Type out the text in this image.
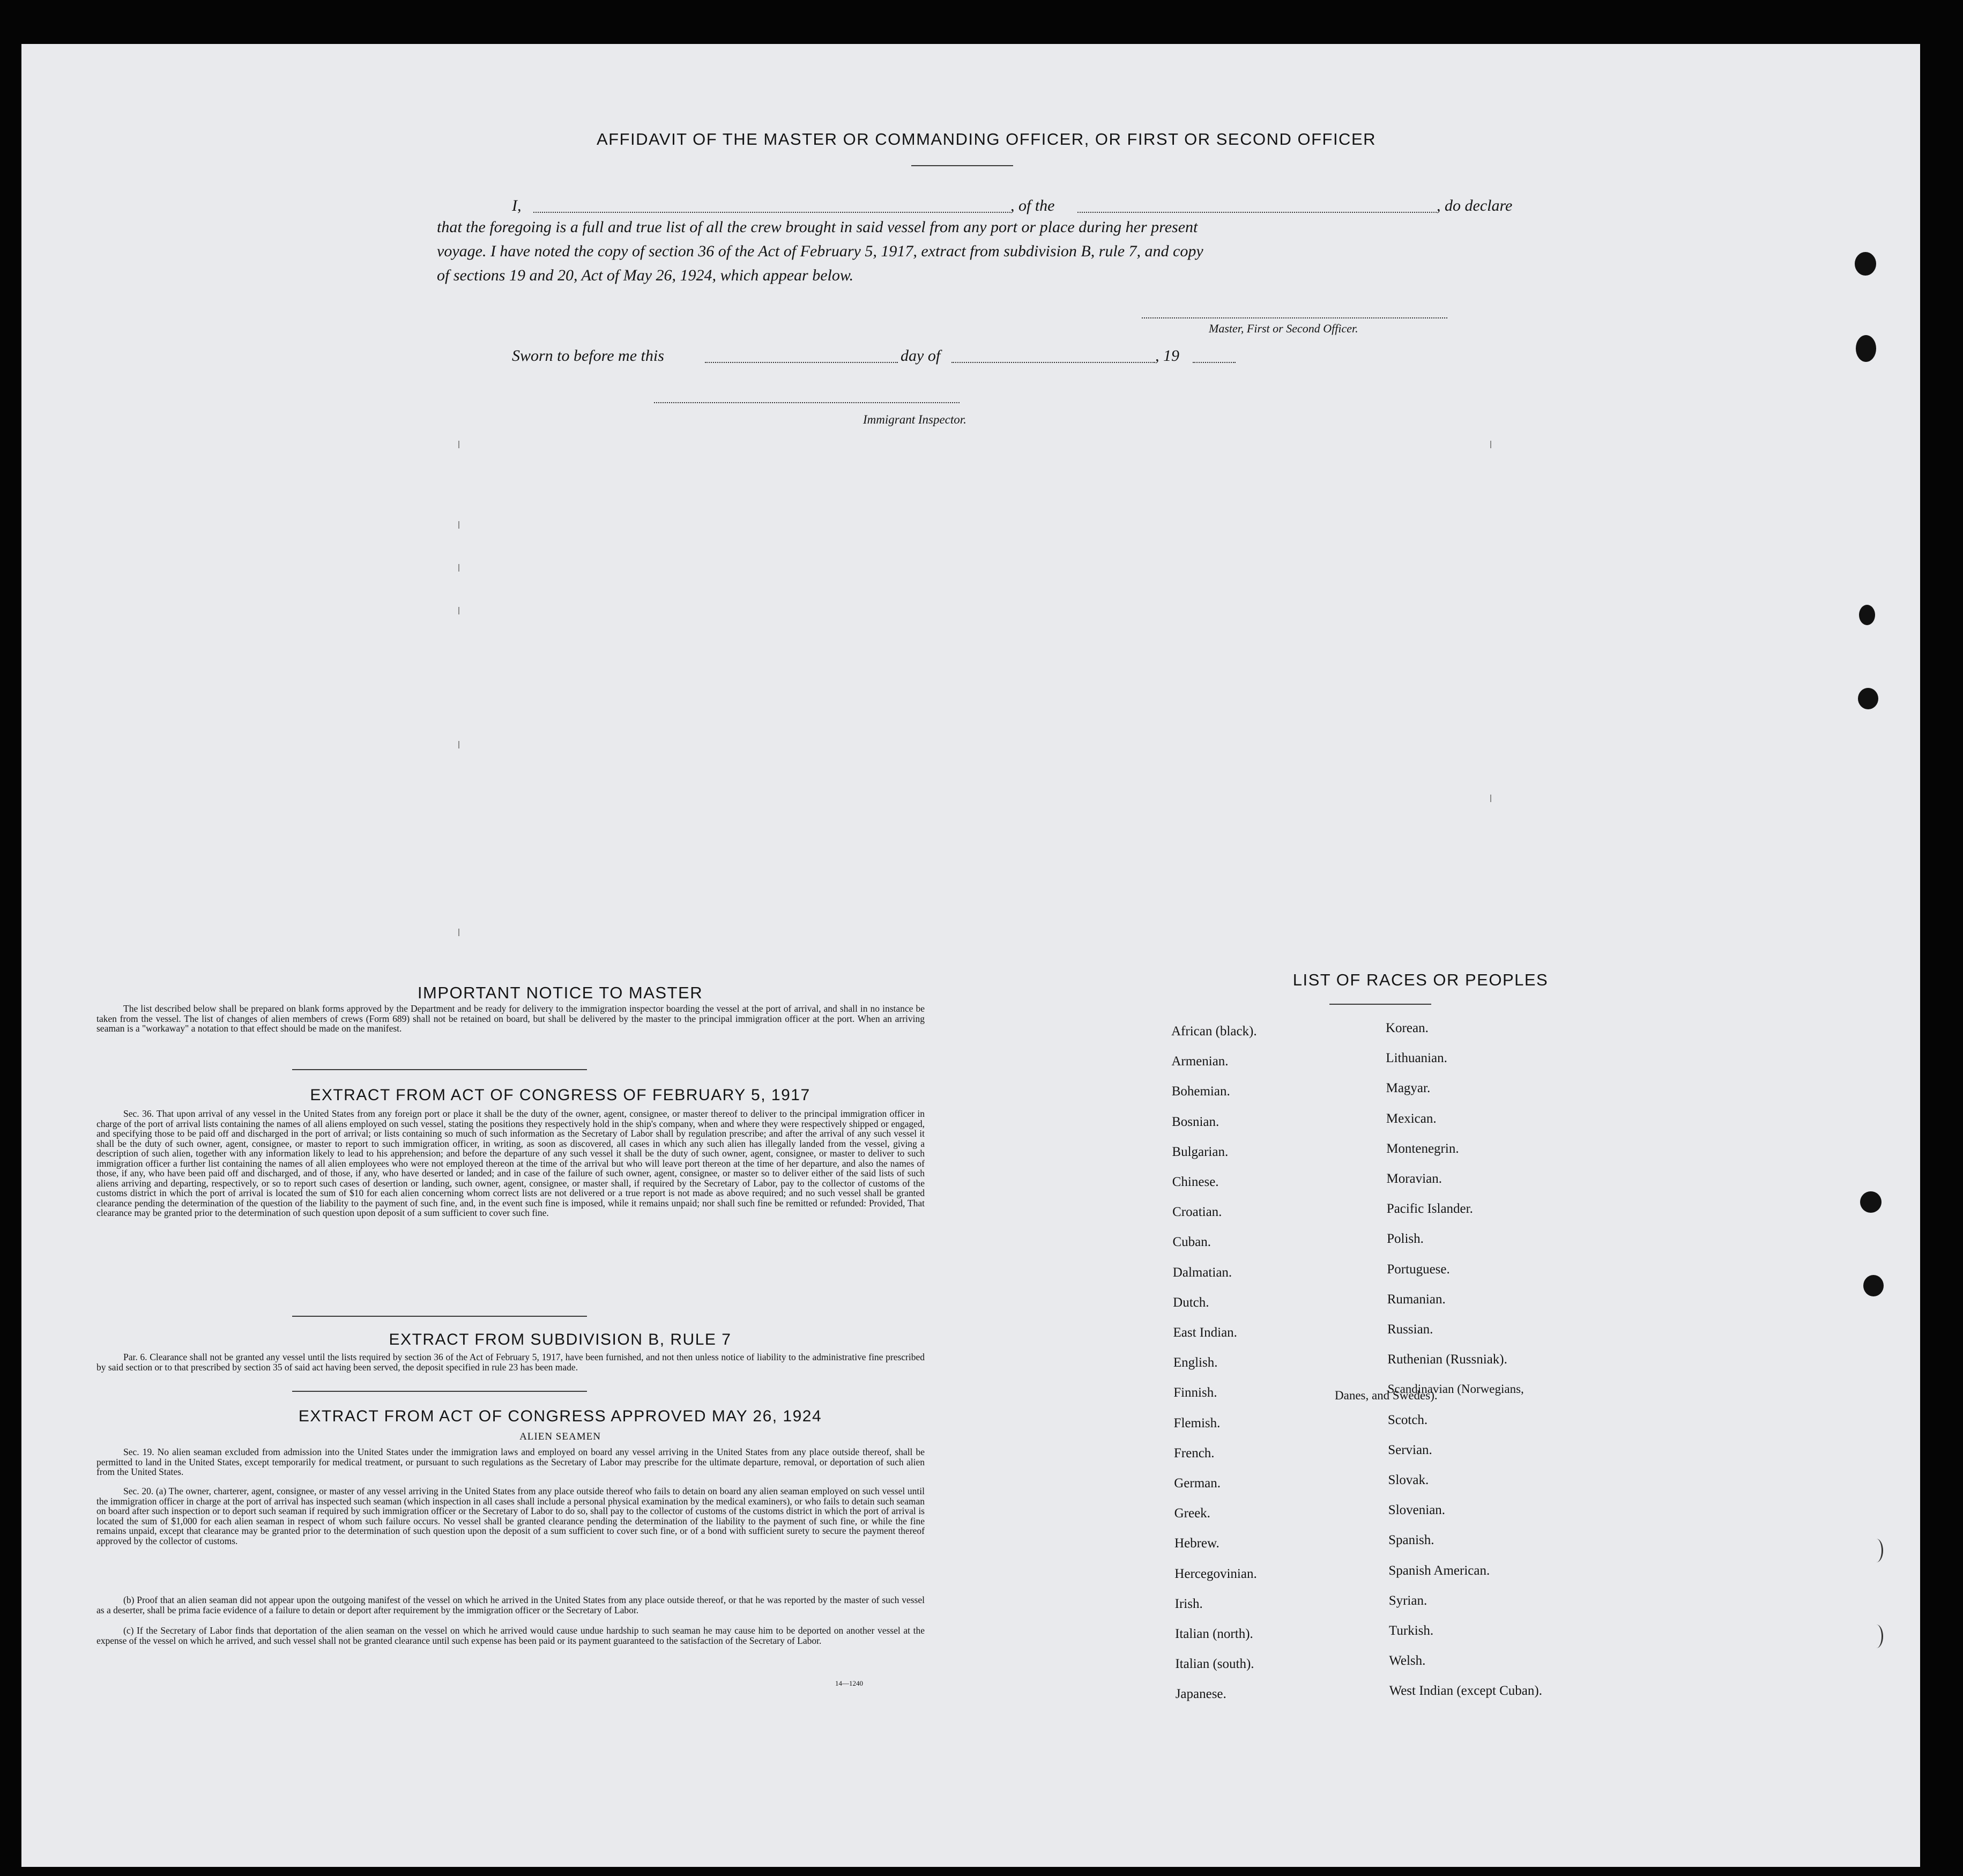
AFFIDAVIT OF THE MASTER OR COMMANDING OFFICER, OR FIRST OR SECOND OFFICER
I,	, of the	, do declare
that the foregoing is a full and true list of all the crew brought in said vessel from any port or place during her present
voyage. I have noted the copy of section 36 of the Act of February 5, 1917, extract from subdivision B, rule 7, and copy
of sections 19 and 20, Act of May 26, 1924, which appear below.
Master, First or Second Officer.
Sworn to before me this	day of	, 19
Immigrant Inspector.
IMPORTANT NOTICE TO MASTER
The list described below shall be prepared on blank forms approved by the Department and be ready for delivery to the immigration inspector boarding the vessel at the port of arrival, and shall in no instance be taken from the vessel. The list of changes of alien members of crews (Form 689) shall not be retained on board, but shall be delivered by the master to the principal immigration officer at the port. When an arriving seaman is a "workaway" a notation to that effect should be made on the manifest.
EXTRACT FROM ACT OF CONGRESS OF FEBRUARY 5, 1917
Sec. 36. That upon arrival of any vessel in the United States from any foreign port or place it shall be the duty of the owner, agent, consignee, or master thereof to deliver to the principal immigration officer in charge of the port of arrival lists containing the names of all aliens employed on such vessel, stating the positions they respectively hold in the ship's company, when and where they were respectively shipped or engaged, and specifying those to be paid off and discharged in the port of arrival; or lists containing so much of such information as the Secretary of Labor shall by regulation prescribe; and after the arrival of any such vessel it shall be the duty of such owner, agent, consignee, or master to report to such immigration officer, in writing, as soon as discovered, all cases in which any such alien has illegally landed from the vessel, giving a description of such alien, together with any information likely to lead to his apprehension; and before the departure of any such vessel it shall be the duty of such owner, agent, consignee, or master to deliver to such immigration officer a further list containing the names of all alien employees who were not employed thereon at the time of the arrival but who will leave port thereon at the time of her departure, and also the names of those, if any, who have been paid off and discharged, and of those, if any, who have deserted or landed; and in case of the failure of such owner, agent, consignee, or master so to deliver either of the said lists of such aliens arriving and departing, respectively, or so to report such cases of desertion or landing, such owner, agent, consignee, or master shall, if required by the Secretary of Labor, pay to the collector of customs of the customs district in which the port of arrival is located the sum of $10 for each alien concerning whom correct lists are not delivered or a true report is not made as above required; and no such vessel shall be granted clearance pending the determination of the question of the liability to the payment of such fine, and, in the event such fine is imposed, while it remains unpaid; nor shall such fine be remitted or refunded: Provided, That clearance may be granted prior to the determination of such question upon deposit of a sum sufficient to cover such fine.
EXTRACT FROM SUBDIVISION B, RULE 7
Par. 6. Clearance shall not be granted any vessel until the lists required by section 36 of the Act of February 5, 1917, have been furnished, and not then unless notice of liability to the administrative fine prescribed by said section or to that prescribed by section 35 of said act having been served, the deposit specified in rule 23 has been made.
EXTRACT FROM ACT OF CONGRESS APPROVED MAY 26, 1924
ALIEN SEAMEN
Sec. 19. No alien seaman excluded from admission into the United States under the immigration laws and employed on board any vessel arriving in the United States from any place outside thereof, shall be permitted to land in the United States, except temporarily for medical treatment, or pursuant to such regulations as the Secretary of Labor may prescribe for the ultimate departure, removal, or deportation of such alien from the United States.
Sec. 20. (a) The owner, charterer, agent, consignee, or master of any vessel arriving in the United States from any place outside thereof who fails to detain on board any alien seaman employed on such vessel until the immigration officer in charge at the port of arrival has inspected such seaman (which inspection in all cases shall include a personal physical examination by the medical examiners), or who fails to detain such seaman on board after such inspection or to deport such seaman if required by such immigration officer or the Secretary of Labor to do so, shall pay to the collector of customs of the customs district in which the port of arrival is located the sum of $1,000 for each alien seaman in respect of whom such failure occurs. No vessel shall be granted clearance pending the determination of the liability to the payment of such fine, or while the fine remains unpaid, except that clearance may be granted prior to the determination of such question upon the deposit of a sum sufficient to cover such fine, or of a bond with sufficient surety to secure the payment thereof approved by the collector of customs.
(b) Proof that an alien seaman did not appear upon the outgoing manifest of the vessel on which he arrived in the United States from any place outside thereof, or that he was reported by the master of such vessel as a deserter, shall be prima facie evidence of a failure to detain or deport after requirement by the immigration officer or the Secretary of Labor.
(c) If the Secretary of Labor finds that deportation of the alien seaman on the vessel on which he arrived would cause undue hardship to such seaman he may cause him to be deported on another vessel at the expense of the vessel on which he arrived, and such vessel shall not be granted clearance until such expense has been paid or its payment guaranteed to the satisfaction of the Secretary of Labor.
14—1240
LIST OF RACES OR PEOPLES
African (black).
Armenian.
Bohemian.
Bosnian.
Bulgarian.
Chinese.
Croatian.
Cuban.
Dalmatian.
Dutch.
East Indian.
English.
Finnish.
Flemish.
French.
German.
Greek.
Hebrew.
Hercegovinian.
Irish.
Italian (north).
Italian (south).
Japanese.
Korean.
Lithuanian.
Magyar.
Mexican.
Montenegrin.
Moravian.
Pacific Islander.
Polish.
Portuguese.
Rumanian.
Russian.
Ruthenian (Russniak).
Scandinavian (Norwegians,
Scotch.
Servian.
Slovak.
Slovenian.
Spanish.
Spanish American.
Syrian.
Turkish.
Welsh.
West Indian (except Cuban).
Danes, and Swedes).
